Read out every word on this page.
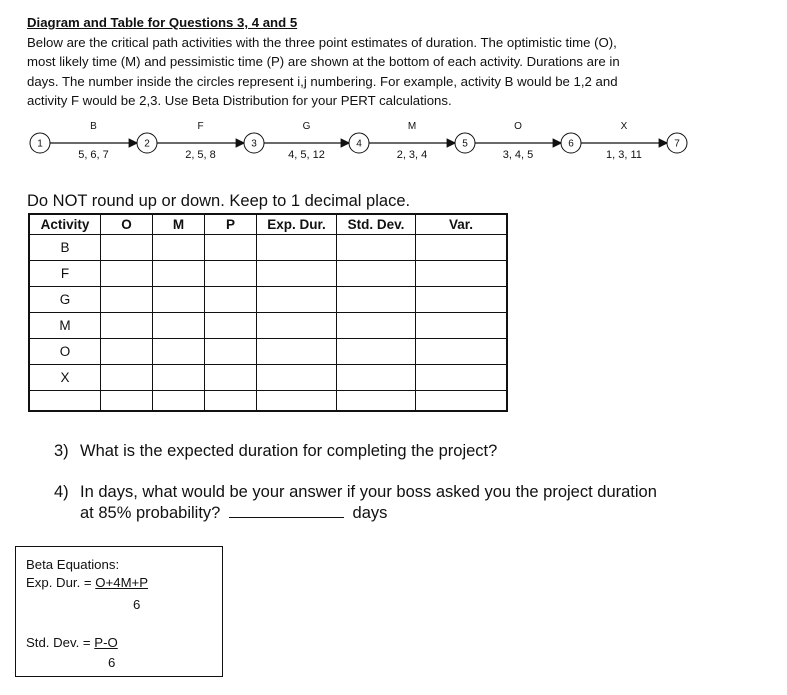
Diagram and Table for Questions 3, 4 and 5
Below are the critical path activities with the three point estimates of duration. The optimistic time (O),
most likely time (M) and pessimistic time (P) are shown at the bottom of each activity. Durations are in
days. The number inside the circles represent i,j numbering. For example, activity B would be 1,2 and
activity F would be 2,3. Use Beta Distribution for your PERT calculations.
B
5, 6, 7
F
2, 5, 8
G
4, 5, 12
M
2, 3, 4
O
3, 4, 5
X
1, 3, 11
1	2	3	4	5	6	7
Do NOT round up or down. Keep to 1 decimal place.
Activity	O	M	P	Exp. Dur.	Std. Dev.	Var.
B						
F						
G						
M						
O						
X						

3) What is the expected duration for completing the project?
4) In days, what would be your answer if your boss asked you the project duration
at 85% probability?	days
Beta Equations:
Exp. Dur. = O+4M+P
6
Std. Dev. = P-O
6
